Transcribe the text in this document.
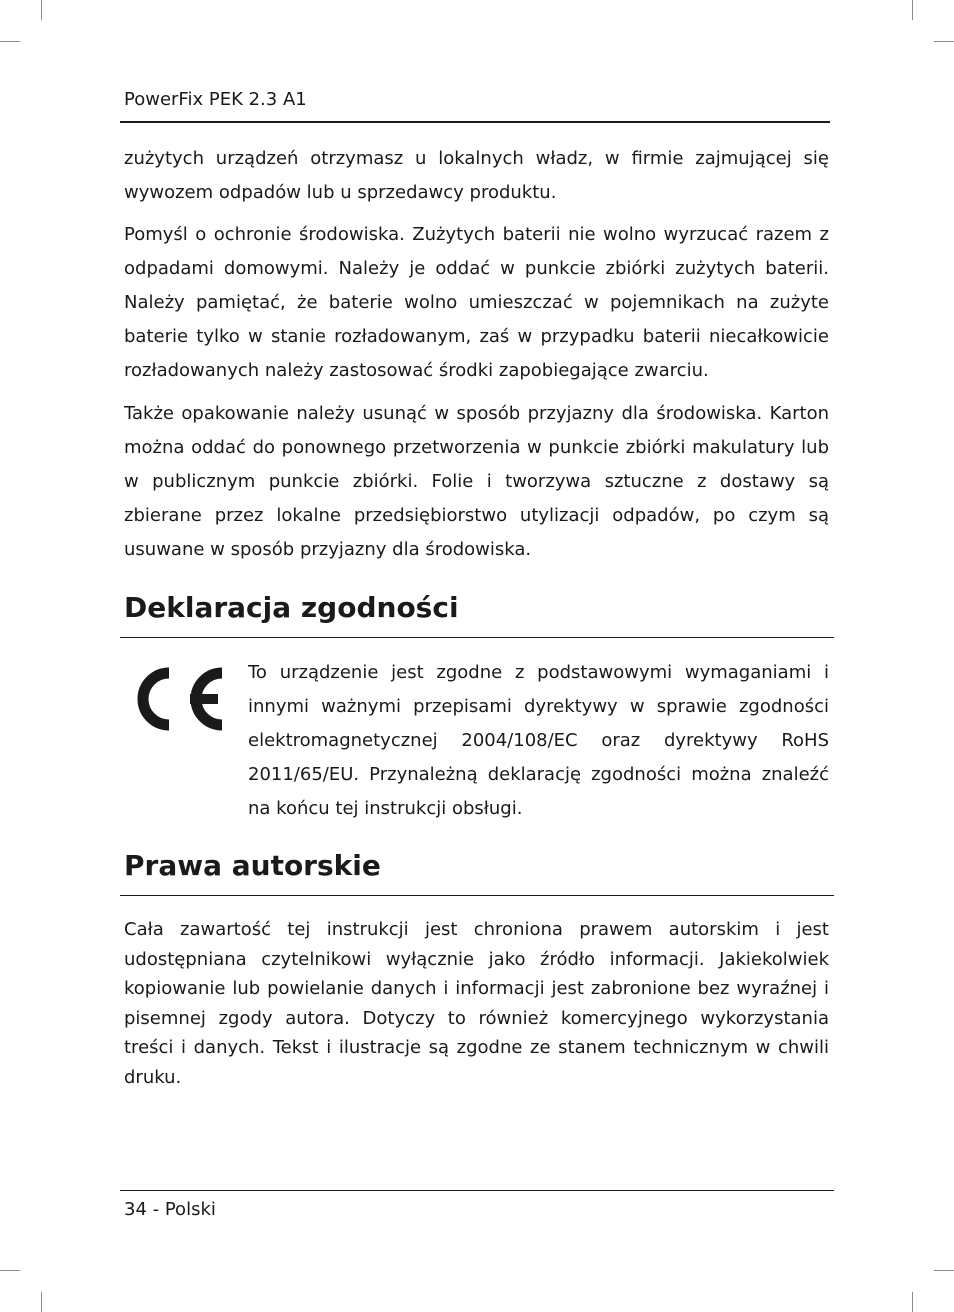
PowerFix PEK 2.3 A1

zużytych urządzeń otrzymasz u lokalnych władz, w firmie zajmującej się wywozem odpadów lub u sprzedawcy produktu.

Pomyśl o ochronie środowiska. Zużytych baterii nie wolno wyrzucać razem z odpadami domowymi. Należy je oddać w punkcie zbiórki zużytych baterii. Należy pamiętać, że baterie wolno umieszczać w pojemnikach na zużyte baterie tylko w stanie rozładowanym, zaś w przypadku baterii niecałkowicie rozładowanych należy zastosować środki zapobiegające zwarciu.

Także opakowanie należy usunąć w sposób przyjazny dla środowiska. Karton można oddać do ponownego przetworzenia w punkcie zbiórki makulatury lub w publicznym punkcie zbiórki. Folie i tworzywa sztuczne z dostawy są zbierane przez lokalne przedsiębiorstwo utylizacji odpadów, po czym są usuwane w sposób przyjazny dla środowiska.

Deklaracja zgodności

To urządzenie jest zgodne z podstawowymi wymaganiami i innymi ważnymi przepisami dyrektywy w sprawie zgodności elektromagnetycznej 2004/108/EC oraz dyrektywy RoHS 2011/65/EU. Przynależną deklarację zgodności można znaleźć na końcu tej instrukcji obsługi.

Prawa autorskie

Cała zawartość tej instrukcji jest chroniona prawem autorskim i jest udostępniana czytelnikowi wyłącznie jako źródło informacji. Jakiekolwiek kopiowanie lub powielanie danych i informacji jest zabronione bez wyraźnej i pisemnej zgody autora. Dotyczy to również komercyjnego wykorzystania treści i danych. Tekst i ilustracje są zgodne ze stanem technicznym w chwili druku.

34 - Polski
